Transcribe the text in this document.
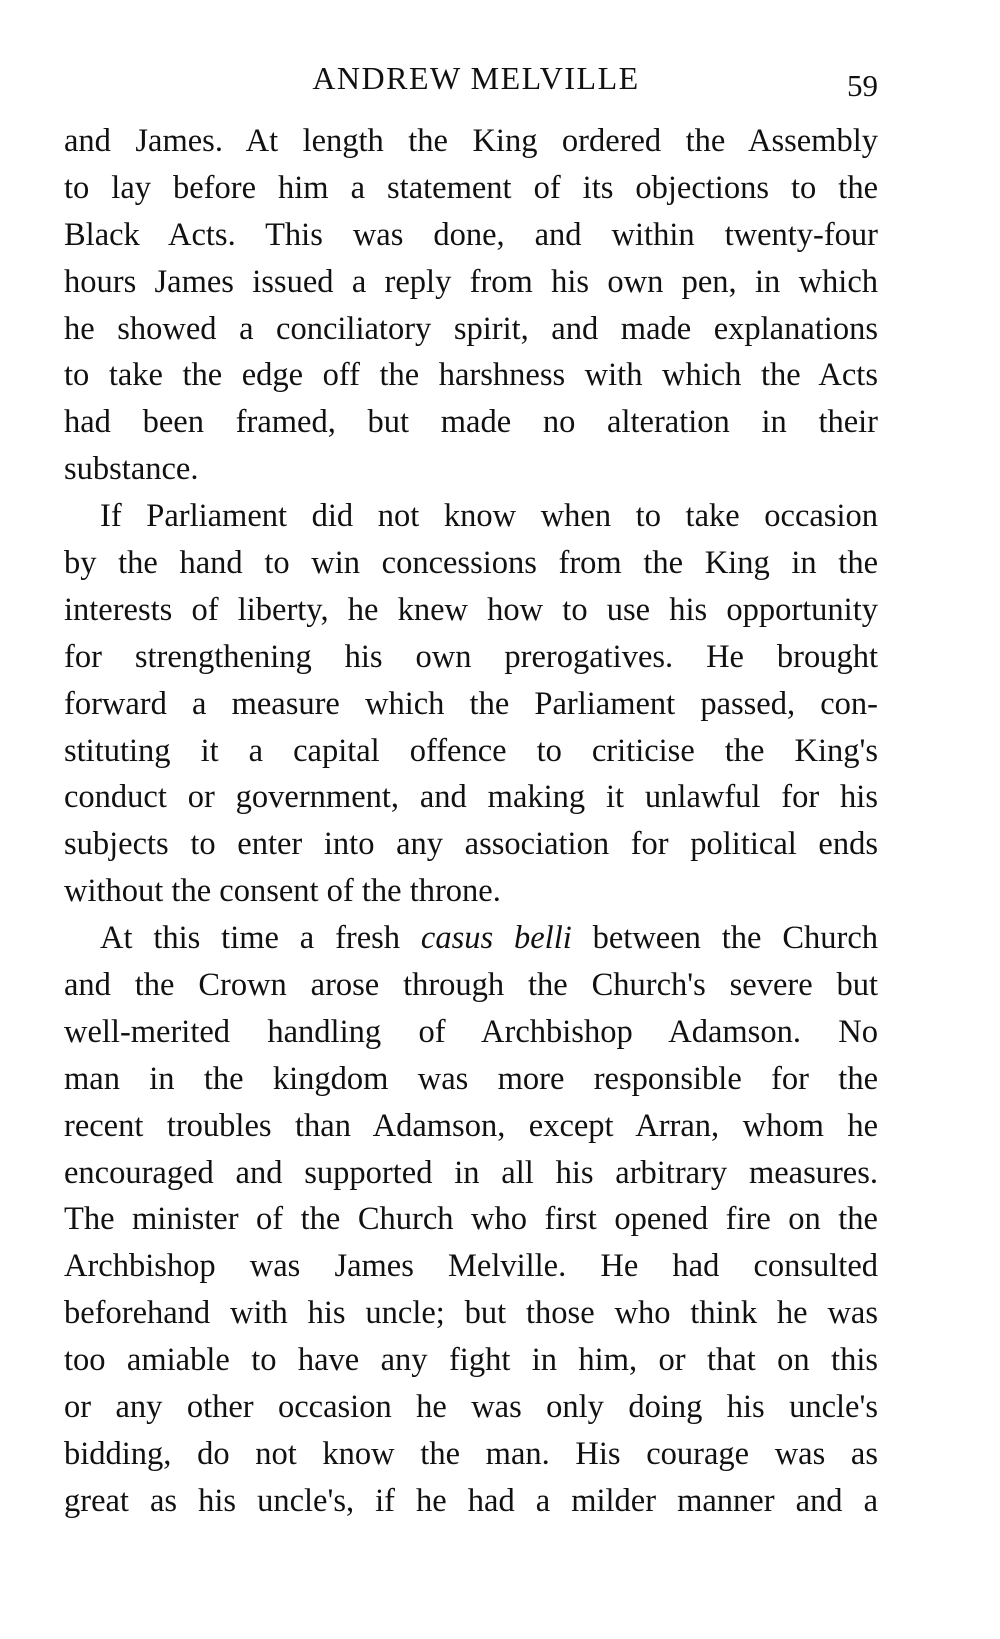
ANDREW MELVILLE	59

and James. At length the King ordered the Assembly
to lay before him a statement of its objections to the
Black Acts. This was done, and within twenty-four
hours James issued a reply from his own pen, in which
he showed a conciliatory spirit, and made explanations
to take the edge off the harshness with which the Acts
had been framed, but made no alteration in their
substance.

If Parliament did not know when to take occasion
by the hand to win concessions from the King in the
interests of liberty, he knew how to use his opportunity
for strengthening his own prerogatives. He brought
forward a measure which the Parliament passed, con-
stituting it a capital offence to criticise the King's
conduct or government, and making it unlawful for his
subjects to enter into any association for political ends
without the consent of the throne.

At this time a fresh casus belli between the Church
and the Crown arose through the Church's severe but
well-merited handling of Archbishop Adamson. No
man in the kingdom was more responsible for the
recent troubles than Adamson, except Arran, whom he
encouraged and supported in all his arbitrary measures.
The minister of the Church who first opened fire on the
Archbishop was James Melville. He had consulted
beforehand with his uncle; but those who think he was
too amiable to have any fight in him, or that on this
or any other occasion he was only doing his uncle's
bidding, do not know the man. His courage was as
great as his uncle's, if he had a milder manner and a
